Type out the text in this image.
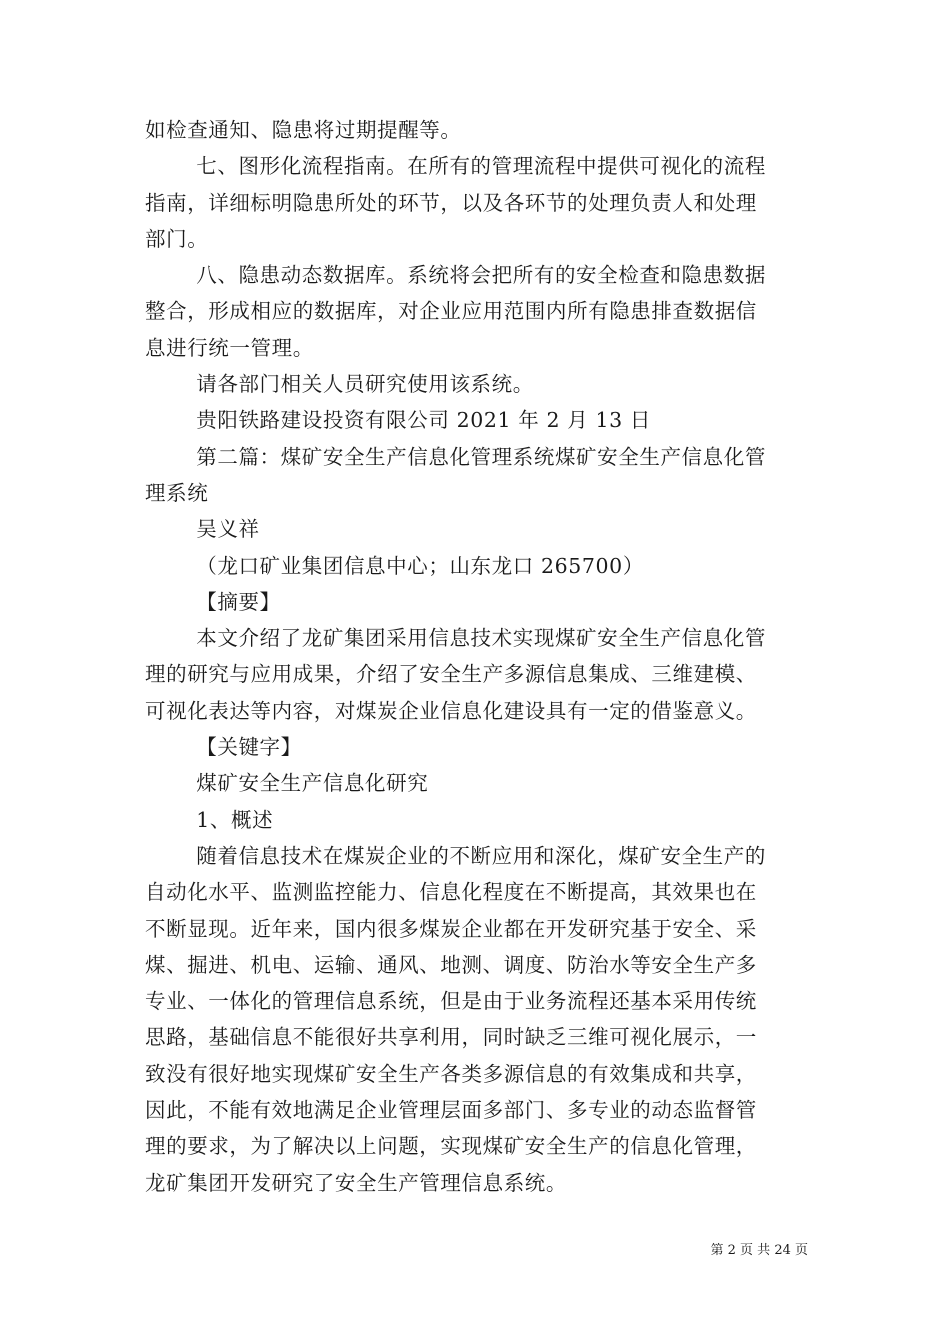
如检查通知、隐患将过期提醒等。
七、图形化流程指南。在所有的管理流程中提供可视化的流程
指南，详细标明隐患所处的环节，以及各环节的处理负责人和处理
部门。
八、隐患动态数据库。系统将会把所有的安全检查和隐患数据
整合，形成相应的数据库，对企业应用范围内所有隐患排查数据信
息进行统一管理。
请各部门相关人员研究使用该系统。
贵阳铁路建设投资有限公司 2021 年 2 月 13 日
第二篇：煤矿安全生产信息化管理系统煤矿安全生产信息化管
理系统
吴义祥
（龙口矿业集团信息中心；山东龙口 265700）
【摘要】
本文介绍了龙矿集团采用信息技术实现煤矿安全生产信息化管
理的研究与应用成果，介绍了安全生产多源信息集成、三维建模、
可视化表达等内容，对煤炭企业信息化建设具有一定的借鉴意义。
【关键字】
煤矿安全生产信息化研究
1、概述
随着信息技术在煤炭企业的不断应用和深化，煤矿安全生产的
自动化水平、监测监控能力、信息化程度在不断提高，其效果也在
不断显现。近年来，国内很多煤炭企业都在开发研究基于安全、采
煤、掘进、机电、运输、通风、地测、调度、防治水等安全生产多
专业、一体化的管理信息系统，但是由于业务流程还基本采用传统
思路，基础信息不能很好共享利用，同时缺乏三维可视化展示，一
致没有很好地实现煤矿安全生产各类多源信息的有效集成和共享，
因此，不能有效地满足企业管理层面多部门、多专业的动态监督管
理的要求，为了解决以上问题，实现煤矿安全生产的信息化管理，
龙矿集团开发研究了安全生产管理信息系统。
第 2 页 共 24 页
